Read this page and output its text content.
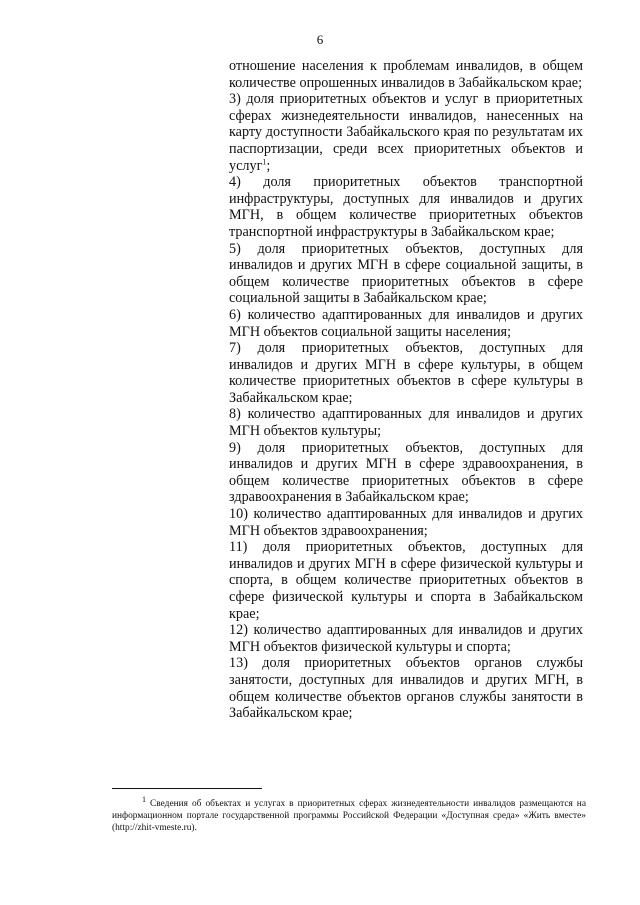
6

отношение населения к проблемам инвалидов, в общем количестве опрошенных инвалидов в Забайкальском крае;

3) доля приоритетных объектов и услуг в приоритетных сферах жизнедеятельности инвалидов, нанесенных на карту доступности Забайкальского края по результатам их паспортизации, среди всех приоритетных объектов и услуг$^1$;

4) доля приоритетных объектов транспортной инфраструктуры, доступных для инвалидов и других МГН, в общем количестве приоритетных объектов транспортной инфраструктуры в Забайкальском крае;

5) доля приоритетных объектов, доступных для инвалидов и других МГН в сфере социальной защиты, в общем количестве приоритетных объектов в сфере социальной защиты в Забайкальском крае;

6) количество адаптированных для инвалидов и других МГН объектов социальной защиты населения;

7) доля приоритетных объектов, доступных для инвалидов и других МГН в сфере культуры, в общем количестве приоритетных объектов в сфере культуры в Забайкальском крае;

8) количество адаптированных для инвалидов и других МГН объектов культуры;

9) доля приоритетных объектов, доступных для инвалидов и других МГН в сфере здравоохранения, в общем количестве приоритетных объектов в сфере здравоохранения в Забайкальском крае;

10) количество адаптированных для инвалидов и других МГН объектов здравоохранения;

11) доля приоритетных объектов, доступных для инвалидов и других МГН в сфере физической культуры и спорта, в общем количестве приоритетных объектов в сфере физической культуры и спорта в Забайкальском крае;

12) количество адаптированных для инвалидов и других МГН объектов физической культуры и спорта;

13) доля приоритетных объектов органов службы занятости, доступных для инвалидов и других МГН, в общем количестве объектов органов службы занятости в Забайкальском крае;

$^1$ Сведения об объектах и услугах в приоритетных сферах жизнедеятельности инвалидов размещаются на информационном портале государственной программы Российской Федерации «Доступная среда» «Жить вместе» (http://zhit-vmeste.ru).
